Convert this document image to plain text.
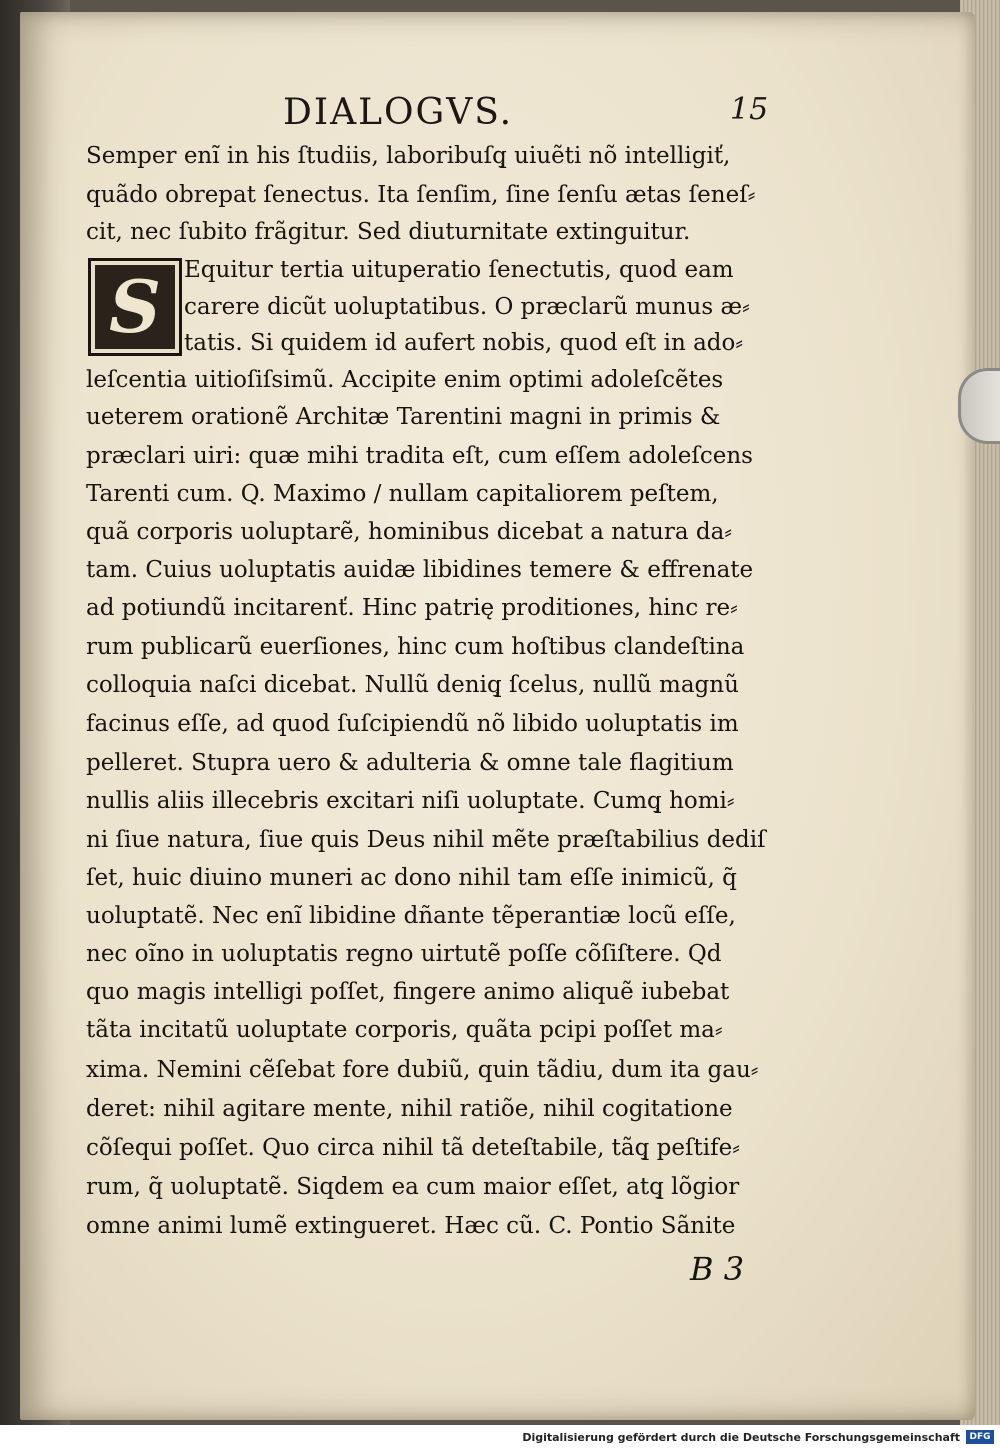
DIALOGVS.	15
S
Semper enĩ in his ſtudiis, laboribuſq̧ uiuẽti nõ intelligiť,
quãdo obrepat ſenectus. Ita ſenſim, ſine ſenſu ætas ſeneſ⸗
cit, nec ſubito frãgitur. Sed diuturnitate extinguitur.
Equitur tertia uituperatio ſenectutis, quod eam
carere dicũt uoluptatibus. O præclarũ munus æ⸗
tatis. Si quidem id aufert nobis, quod eſt in ado⸗
leſcentia uitioſiſsimũ. Accipite enim optimi adoleſcẽtes
ueterem orationẽ Architæ Tarentini magni in primis &
præclari uiri: quæ mihi tradita eſt, cum eſſem adoleſcens
Tarenti cum. Q. Maximo / nullam capitaliorem peſtem,
quã corporis uoluptarẽ, hominibus dicebat a natura da⸗
tam. Cuius uoluptatis auidæ libidines temere & effrenate
ad potiundũ incitarenť. Hinc patrię proditiones, hinc re⸗
rum publicarũ euerſiones, hinc cum hoſtibus clandeſtina
colloquia naſci dicebat. Nullũ deniq̧ ſcelus, nullũ magnũ
facinus eſſe, ad quod ſuſcipiendũ nõ libido uoluptatis im
pelleret. Stupra uero & adulteria & omne tale flagitium
nullis aliis illecebris excitari niſi uoluptate. Cumq̧ homi⸗
ni ſiue natura, ſiue quis Deus nihil mẽte præſtabilius dediſ
ſet, huic diuino muneri ac dono nihil tam eſſe inimicũ, q̃
uoluptatẽ. Nec enĩ libidine dñante tẽperantiæ locũ eſſe,
nec oĩno in uoluptatis regno uirtutẽ poſſe cõſiſtere. Qd
quo magis intelligi poſſet, fingere animo aliquẽ iubebat
tãta incitatũ uoluptate corporis, quãta pcipi poſſet ma⸗
xima. Nemini cẽſebat fore dubiũ, quin tãdiu, dum ita gau⸗
deret: nihil agitare mente, nihil ratiõe, nihil cogitatione
cõſequi poſſet. Quo circa nihil tã deteſtabile, tãq̧ peſtife⸗
rum, q̃ uoluptatẽ. Siqdem ea cum maior eſſet, atq̧ lõgior
omne animi lumẽ extingueret. Hæc cũ. C. Pontio Sãnite
B 3
Digitalisierung gefördert durch die Deutsche Forschungsgemeinschaft	DFG
